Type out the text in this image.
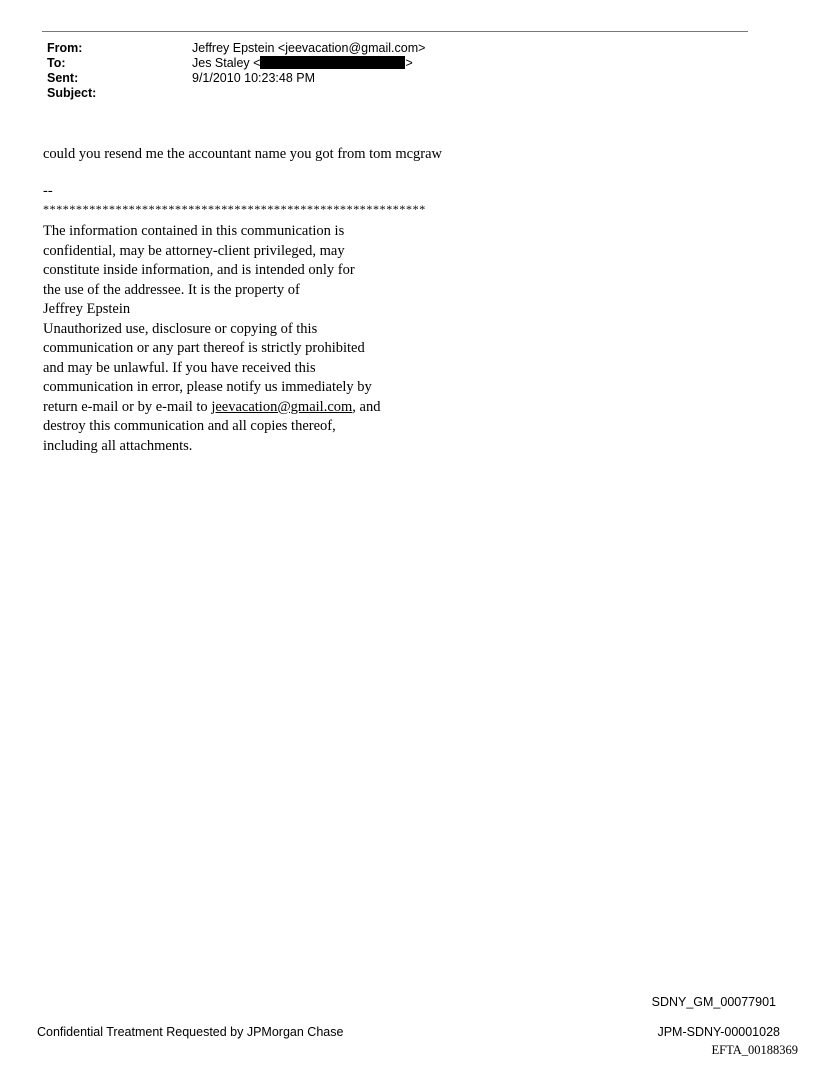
From:	Jeffrey Epstein <jeevacation@gmail.com>
To:	Jes Staley <	>
Sent:	9/1/2010 10:23:48 PM
Subject:
could you resend me the accountant name you got from tom mcgraw
--
**********************************************************
The information contained in this communication is
confidential, may be attorney-client privileged, may
constitute inside information, and is intended only for
the use of the addressee. It is the property of
Jeffrey Epstein
Unauthorized use, disclosure or copying of this
communication or any part thereof is strictly prohibited
and may be unlawful. If you have received this
communication in error, please notify us immediately by
return e-mail or by e-mail to jeevacation@gmail.com, and
destroy this communication and all copies thereof,
including all attachments.
SDNY_GM_00077901
Confidential Treatment Requested by JPMorgan Chase	JPM-SDNY-00001028
EFTA_00188369
